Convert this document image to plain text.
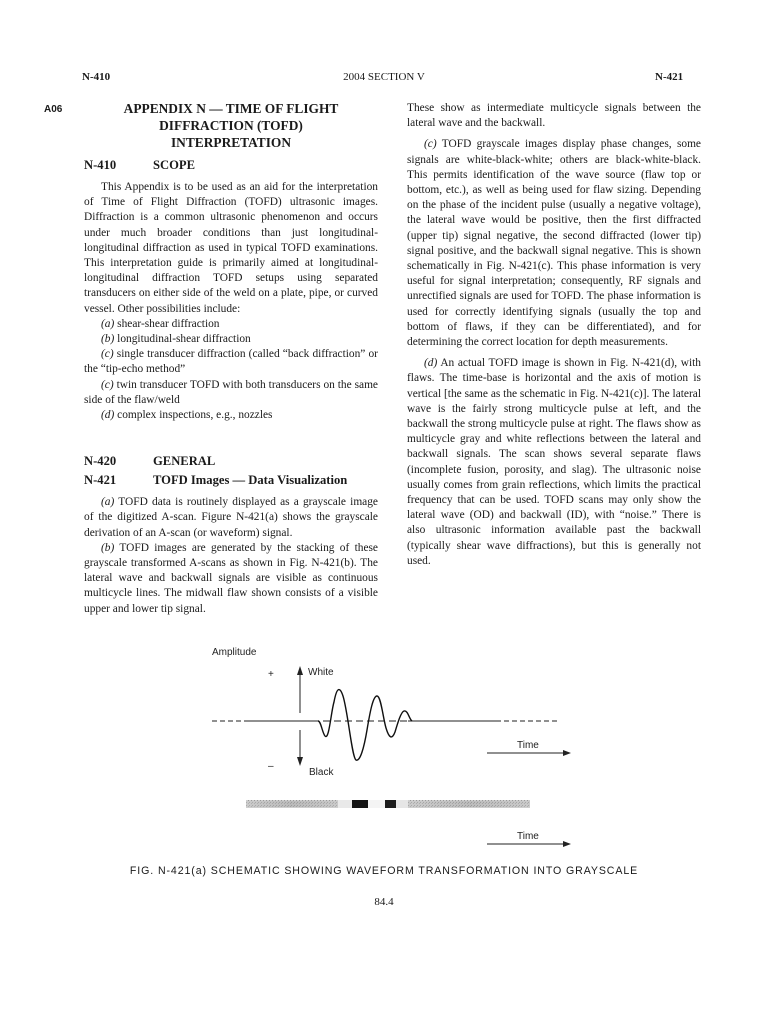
N-410	2004 SECTION V	N-421
A06	APPENDIX N — TIME OF FLIGHT

DIFFRACTION (TOFD)

INTERPRETATION

N-410	SCOPE

This Appendix is to be used as an aid for the interpretation of Time of Flight Diffraction (TOFD) ultrasonic images. Diffraction is a common ultrasonic phenomenon and occurs under much broader conditions than just longitudinal-longitudinal diffraction as used in typical TOFD examinations. This interpretation guide is primarily aimed at longitudinal-longitudinal diffraction TOFD setups using separated transducers on either side of the weld on a plate, pipe, or curved vessel. Other possibilities include:

(a) shear-shear diffraction

(b) longitudinal-shear diffraction

(c) single transducer diffraction (called “back diffraction” or the “tip-echo method”

(c) twin transducer TOFD with both transducers on the same side of the flaw/weld

(d) complex inspections, e.g., nozzles

N-420	GENERAL
N-421	TOFD Images — Data Visualization

(a) TOFD data is routinely displayed as a grayscale image of the digitized A-scan. Figure N-421(a) shows the grayscale derivation of an A-scan (or waveform) signal.

(b) TOFD images are generated by the stacking of these grayscale transformed A-scans as shown in Fig. N-421(b). The lateral wave and backwall signals are visible as continuous multicycle lines. The midwall flaw shown consists of a visible upper and lower tip signal.

These show as intermediate multicycle signals between the lateral wave and the backwall.

(c) TOFD grayscale images display phase changes, some signals are white-black-white; others are black-white-black. This permits identification of the wave source (flaw top or bottom, etc.), as well as being used for flaw sizing. Depending on the phase of the incident pulse (usually a negative voltage), the lateral wave would be positive, then the first diffracted (upper tip) signal negative, the second diffracted (lower tip) signal positive, and the backwall signal negative. This is shown schematically in Fig. N-421(c). This phase information is very useful for signal interpretation; consequently, RF signals and unrectified signals are used for TOFD. The phase information is used for correctly identifying signals (usually the top and bottom of flaws, if they can be differentiated), and for determining the correct location for depth measurements.

(d) An actual TOFD image is shown in Fig. N-421(d), with flaws. The time-base is horizontal and the axis of motion is vertical [the same as the schematic in Fig. N-421(c)]. The lateral wave is the fairly strong multicycle pulse at left, and the backwall the strong multicycle pulse at right. The flaws show as multicycle gray and white reflections between the lateral and backwall signals. The scan shows several separate flaws (incomplete fusion, porosity, and slag). The ultrasonic noise usually comes from grain reflections, which limits the practical frequency that can be used. TOFD scans may only show the lateral wave (OD) and backwall (ID), with “noise.” There is also ultrasonic information available past the backwall (typically shear wave diffractions), but this is generally not used.

Amplitude
+
–
White
Black
Time
Time
FIG. N-421(a) SCHEMATIC SHOWING WAVEFORM TRANSFORMATION INTO GRAYSCALE
84.4
